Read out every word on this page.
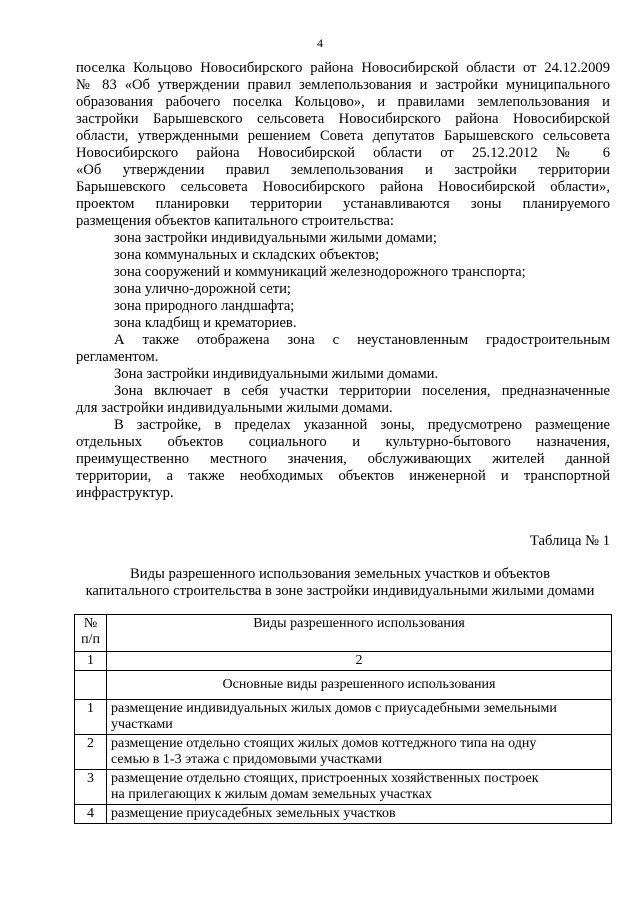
4

поселка Кольцово Новосибирского района Новосибирской области от 24.12.2009

№ 83 «Об утверждении правил землепользования и застройки муниципального

образования рабочего поселка Кольцово», и правилами землепользования и

застройки Барышевского сельсовета Новосибирского района Новосибирской

области, утвержденными решением Совета депутатов Барышевского сельсовета

Новосибирского района Новосибирской области от 25.12.2012 № 6

«Об утверждении правил землепользования и застройки территории

Барышевского сельсовета Новосибирского района Новосибирской области»,

проектом планировки территории устанавливаются зоны планируемого

размещения объектов капитального строительства:

зона застройки индивидуальными жилыми домами;

зона коммунальных и складских объектов;

зона сооружений и коммуникаций железнодорожного транспорта;

зона улично-дорожной сети;

зона природного ландшафта;

зона кладбищ и крематориев.

А также отображена зона с неустановленным градостроительным

регламентом.

Зона застройки индивидуальными жилыми домами.

Зона включает в себя участки территории поселения, предназначенные

для застройки индивидуальными жилыми домами.

В застройке, в пределах указанной зоны, предусмотрено размещение

отдельных объектов социального и культурно-бытового назначения,

преимущественно местного значения, обслуживающих жителей данной

территории, а также необходимых объектов инженерной и транспортной

инфраструктур.

Таблица № 1
Виды разрешенного использования земельных участков и объектов
капитального строительства в зоне застройки индивидуальными жилыми домами
№
п/п	Виды разрешенного использования
1	2
	Основные виды разрешенного использования
1	размещение индивидуальных жилых домов с приусадебными земельными
участками

2	размещение отдельно стоящих жилых домов коттеджного типа на одну
семью в 1-3 этажа с придомовыми участками

3	размещение отдельно стоящих, пристроенных хозяйственных построек
на прилегающих к жилым домам земельных участках

4	размещение приусадебных земельных участков
